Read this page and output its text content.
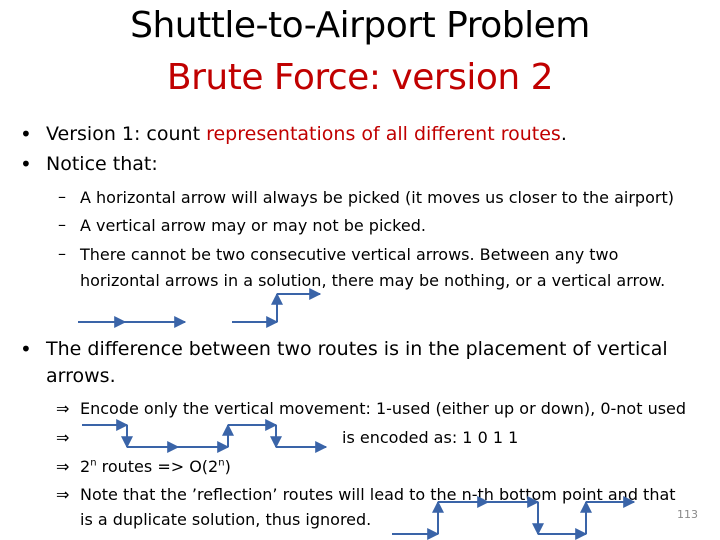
Shuttle-to-Airport Problem
Brute Force: version 2
• Version 1: count representations of all different routes.
• Notice that:
– A horizontal arrow will always be picked (it moves us closer to the airport)
– A vertical arrow may or may not be picked.
– There cannot be two consecutive vertical arrows. Between any two
horizontal arrows in a solution, there may be nothing, or a vertical arrow.
• The difference between two routes is in the placement of vertical
arrows.
⇒ Encode only the vertical movement: 1-used (either up or down), 0-not used
⇒	is encoded as: 1 0 1 1
⇒ 2$^n$ routes => $O(2^n)$
⇒ Note that the ’reflection’ routes will lead to the n-th bottom point and that
is a duplicate solution, thus ignored.	113
